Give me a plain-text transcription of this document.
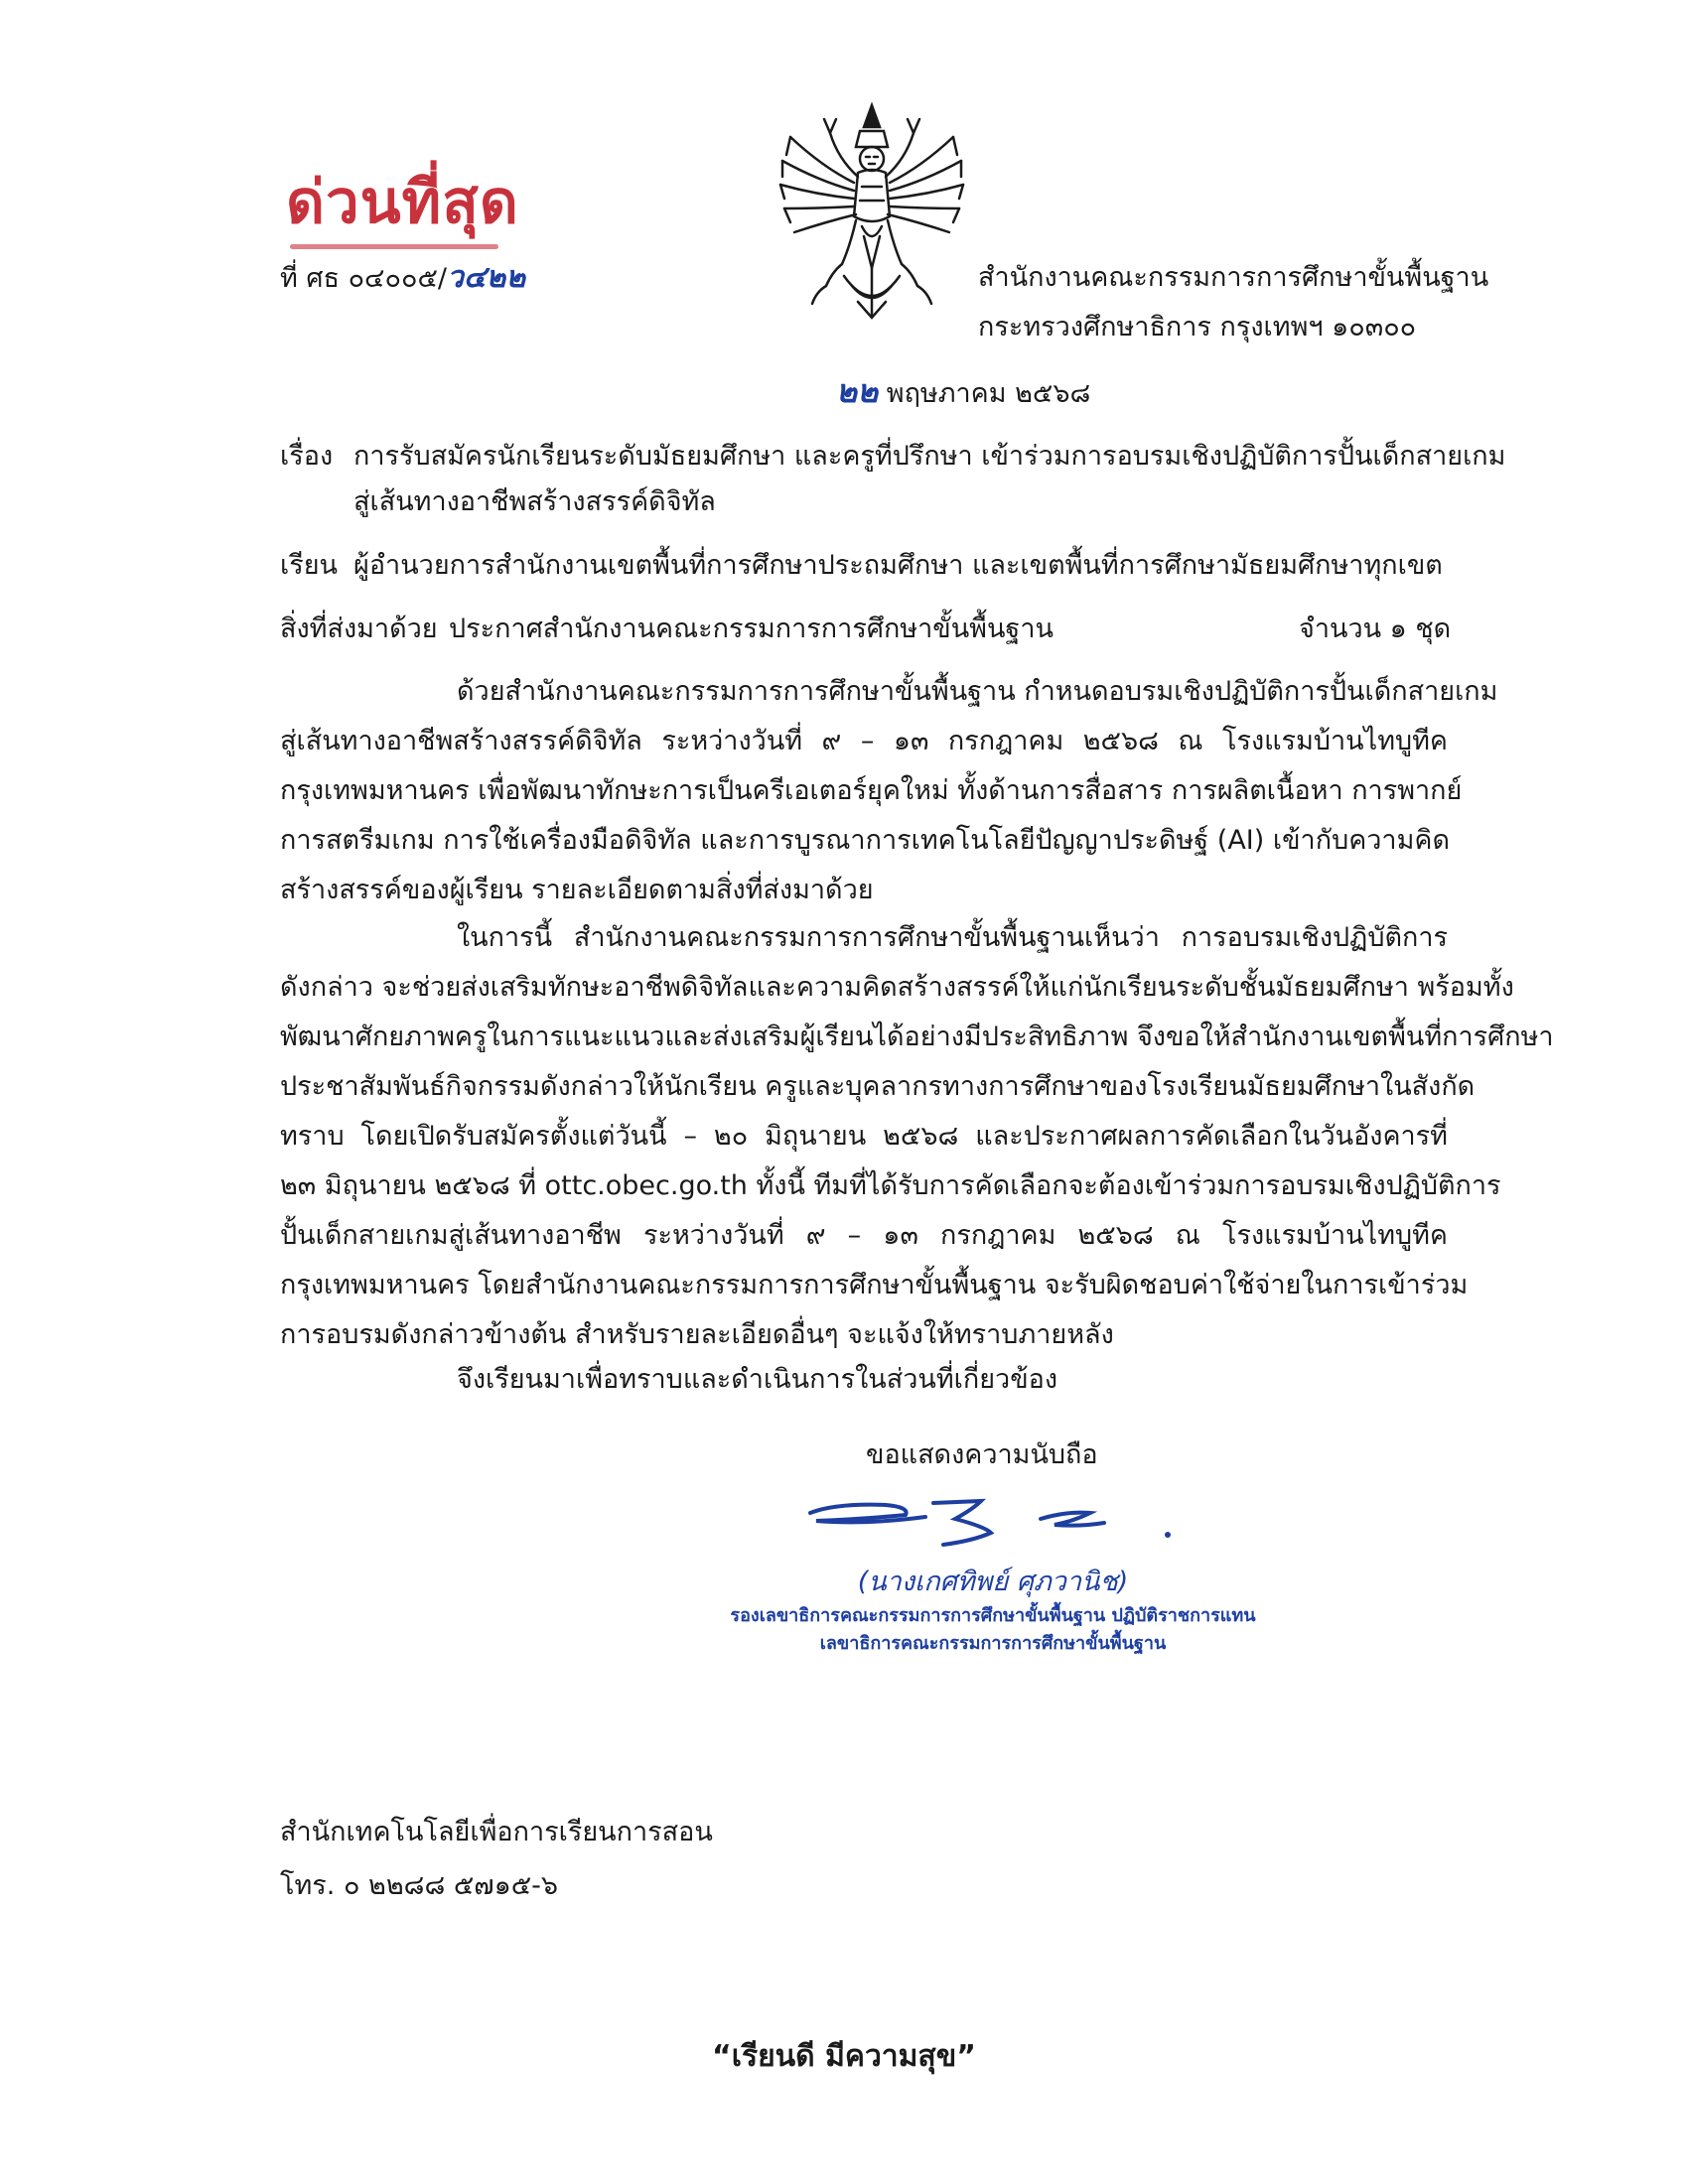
ด่วนที่สุด
ที่ ศธ ๐๔๐๐๕/ว๔๒๒	สำนักงานคณะกรรมการการศึกษาขั้นพื้นฐาน
กระทรวงศึกษาธิการ กรุงเทพฯ ๑๐๓๐๐
๒๒ พฤษภาคม ๒๕๖๘
เรื่อง การรับสมัครนักเรียนระดับมัธยมศึกษา และครูที่ปรึกษา เข้าร่วมการอบรมเชิงปฏิบัติการปั้นเด็กสายเกม
สู่เส้นทางอาชีพสร้างสรรค์ดิจิทัล
เรียน ผู้อำนวยการสำนักงานเขตพื้นที่การศึกษาประถมศึกษา และเขตพื้นที่การศึกษามัธยมศึกษาทุกเขต
สิ่งที่ส่งมาด้วย ประกาศสำนักงานคณะกรรมการการศึกษาขั้นพื้นฐาน	จำนวน ๑ ชุด
ด้วยสำนักงานคณะกรรมการการศึกษาขั้นพื้นฐาน กำหนดอบรมเชิงปฏิบัติการปั้นเด็กสายเกม
สู่เส้นทางอาชีพสร้างสรรค์ดิจิทัล ระหว่างวันที่ ๙ – ๑๓ กรกฎาคม ๒๕๖๘ ณ โรงแรมบ้านไทบูทีค
กรุงเทพมหานคร เพื่อพัฒนาทักษะการเป็นครีเอเตอร์ยุคใหม่ ทั้งด้านการสื่อสาร การผลิตเนื้อหา การพากย์
การสตรีมเกม การใช้เครื่องมือดิจิทัล และการบูรณาการเทคโนโลยีปัญญาประดิษฐ์ (AI) เข้ากับความคิด
สร้างสรรค์ของผู้เรียน รายละเอียดตามสิ่งที่ส่งมาด้วย
ในการนี้ สำนักงานคณะกรรมการการศึกษาขั้นพื้นฐานเห็นว่า การอบรมเชิงปฏิบัติการ
ดังกล่าว จะช่วยส่งเสริมทักษะอาชีพดิจิทัลและความคิดสร้างสรรค์ให้แก่นักเรียนระดับชั้นมัธยมศึกษา พร้อมทั้ง
พัฒนาศักยภาพครูในการแนะแนวและส่งเสริมผู้เรียนได้อย่างมีประสิทธิภาพ จึงขอให้สำนักงานเขตพื้นที่การศึกษา
ประชาสัมพันธ์กิจกรรมดังกล่าวให้นักเรียน ครูและบุคลากรทางการศึกษาของโรงเรียนมัธยมศึกษาในสังกัด
ทราบ โดยเปิดรับสมัครตั้งแต่วันนี้ – ๒๐ มิถุนายน ๒๕๖๘ และประกาศผลการคัดเลือกในวันอังคารที่
๒๓ มิถุนายน ๒๕๖๘ ที่ ottc.obec.go.th ทั้งนี้ ทีมที่ได้รับการคัดเลือกจะต้องเข้าร่วมการอบรมเชิงปฏิบัติการ
ปั้นเด็กสายเกมสู่เส้นทางอาชีพ ระหว่างวันที่ ๙ – ๑๓ กรกฎาคม ๒๕๖๘ ณ โรงแรมบ้านไทบูทีค
กรุงเทพมหานคร โดยสำนักงานคณะกรรมการการศึกษาขั้นพื้นฐาน จะรับผิดชอบค่าใช้จ่ายในการเข้าร่วม
การอบรมดังกล่าวข้างต้น สำหรับรายละเอียดอื่นๆ จะแจ้งให้ทราบภายหลัง
จึงเรียนมาเพื่อทราบและดำเนินการในส่วนที่เกี่ยวข้อง
ขอแสดงความนับถือ
(นางเกศทิพย์ ศุภวานิช)
รองเลขาธิการคณะกรรมการการศึกษาขั้นพื้นฐาน ปฏิบัติราชการแทน
เลขาธิการคณะกรรมการการศึกษาขั้นพื้นฐาน
สำนักเทคโนโลยีเพื่อการเรียนการสอน
โทร. ๐ ๒๒๘๘ ๕๗๑๕-๖
“เรียนดี มีความสุข”
